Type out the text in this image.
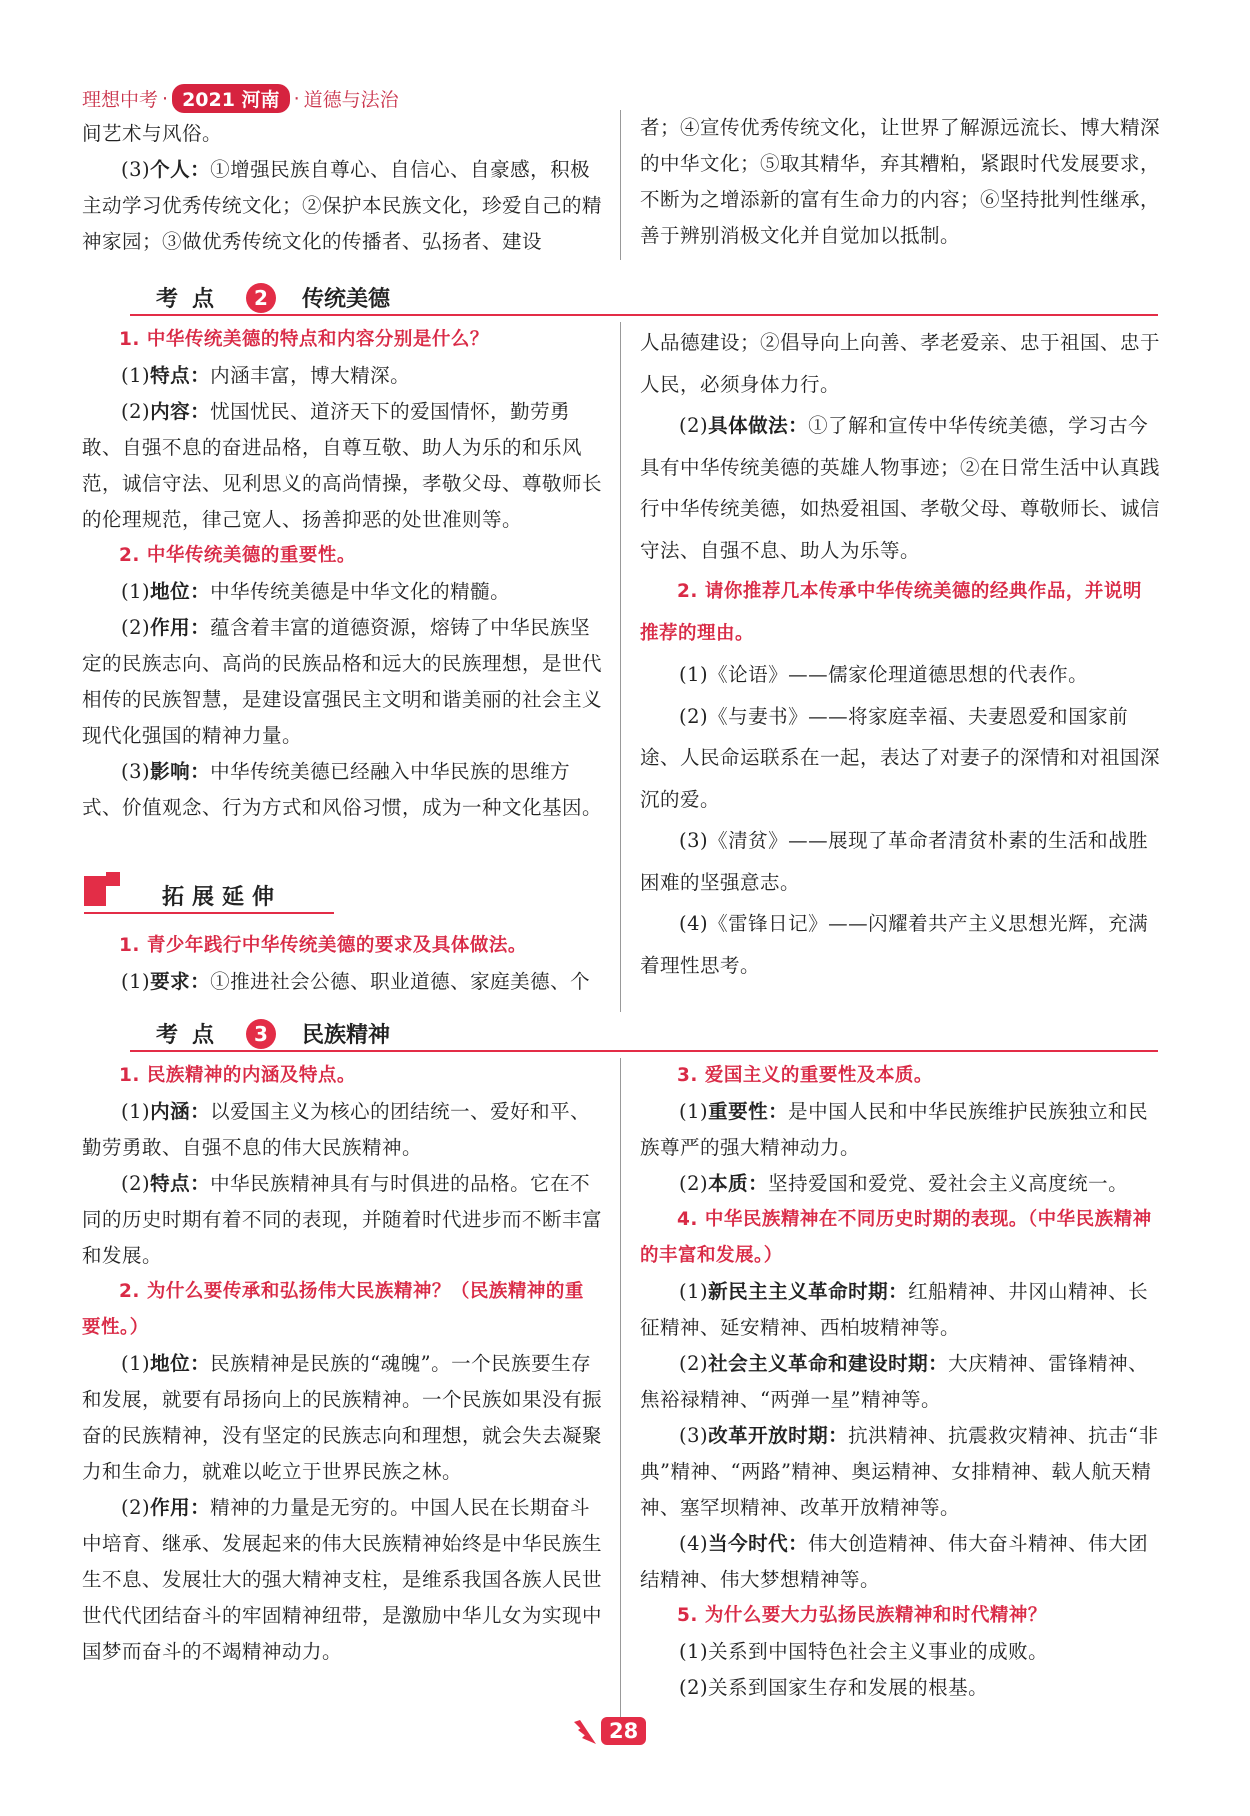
理想中考 · 2021 河南 · 道德与法治

间艺术与风俗。

(3)个人：①增强民族自尊心、自信心、自豪感，积极主动学习优秀传统文化；②保护本民族文化，珍爱自己的精神家园；③做优秀传统文化的传播者、弘扬者、建设

者；④宣传优秀传统文化，让世界了解源远流长、博大精深的中华文化；⑤取其精华，弃其糟粕，紧跟时代发展要求，不断为之增添新的富有生命力的内容；⑥坚持批判性继承，善于辨别消极文化并自觉加以抵制。

考点	2	传统美德

1. 中华传统美德的特点和内容分别是什么？

(1)特点：内涵丰富，博大精深。

(2)内容：忧国忧民、道济天下的爱国情怀，勤劳勇敢、自强不息的奋进品格，自尊互敬、助人为乐的和乐风范，诚信守法、见利思义的高尚情操，孝敬父母、尊敬师长的伦理规范，律己宽人、扬善抑恶的处世准则等。

2. 中华传统美德的重要性。

(1)地位：中华传统美德是中华文化的精髓。

(2)作用：蕴含着丰富的道德资源，熔铸了中华民族坚定的民族志向、高尚的民族品格和远大的民族理想，是世代相传的民族智慧，是建设富强民主文明和谐美丽的社会主义现代化强国的精神力量。

(3)影响：中华传统美德已经融入中华民族的思维方式、价值观念、行为方式和风俗习惯，成为一种文化基因。

拓展延伸

1. 青少年践行中华传统美德的要求及具体做法。

(1)要求：①推进社会公德、职业道德、家庭美德、个

人品德建设；②倡导向上向善、孝老爱亲、忠于祖国、忠于人民，必须身体力行。

(2)具体做法：①了解和宣传中华传统美德，学习古今具有中华传统美德的英雄人物事迹；②在日常生活中认真践行中华传统美德，如热爱祖国、孝敬父母、尊敬师长、诚信守法、自强不息、助人为乐等。

2. 请你推荐几本传承中华传统美德的经典作品，并说明推荐的理由。

(1)《论语》——儒家伦理道德思想的代表作。

(2)《与妻书》——将家庭幸福、夫妻恩爱和国家前途、人民命运联系在一起，表达了对妻子的深情和对祖国深沉的爱。

(3)《清贫》——展现了革命者清贫朴素的生活和战胜困难的坚强意志。

(4)《雷锋日记》——闪耀着共产主义思想光辉，充满着理性思考。

考点	3	民族精神

1. 民族精神的内涵及特点。

(1)内涵：以爱国主义为核心的团结统一、爱好和平、勤劳勇敢、自强不息的伟大民族精神。

(2)特点：中华民族精神具有与时俱进的品格。它在不同的历史时期有着不同的表现，并随着时代进步而不断丰富和发展。

2. 为什么要传承和弘扬伟大民族精神？（民族精神的重要性。）

(1)地位：民族精神是民族的“魂魄”。一个民族要生存和发展，就要有昂扬向上的民族精神。一个民族如果没有振奋的民族精神，没有坚定的民族志向和理想，就会失去凝聚力和生命力，就难以屹立于世界民族之林。

(2)作用：精神的力量是无穷的。中国人民在长期奋斗中培育、继承、发展起来的伟大民族精神始终是中华民族生生不息、发展壮大的强大精神支柱，是维系我国各族人民世世代代团结奋斗的牢固精神纽带，是激励中华儿女为实现中国梦而奋斗的不竭精神动力。

3. 爱国主义的重要性及本质。

(1)重要性：是中国人民和中华民族维护民族独立和民族尊严的强大精神动力。

(2)本质：坚持爱国和爱党、爱社会主义高度统一。

4. 中华民族精神在不同历史时期的表现。（中华民族精神的丰富和发展。）

(1)新民主主义革命时期：红船精神、井冈山精神、长征精神、延安精神、西柏坡精神等。

(2)社会主义革命和建设时期：大庆精神、雷锋精神、焦裕禄精神、“两弹一星”精神等。

(3)改革开放时期：抗洪精神、抗震救灾精神、抗击“非典”精神、“两路”精神、奥运精神、女排精神、载人航天精神、塞罕坝精神、改革开放精神等。

(4)当今时代：伟大创造精神、伟大奋斗精神、伟大团结精神、伟大梦想精神等。

5. 为什么要大力弘扬民族精神和时代精神？

(1)关系到中国特色社会主义事业的成败。

(2)关系到国家生存和发展的根基。

28
